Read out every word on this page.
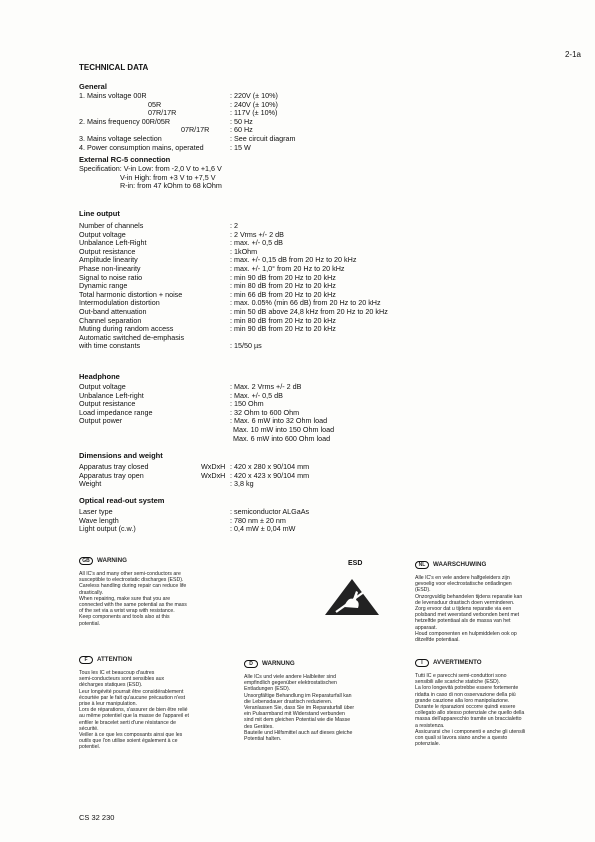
2-1a
TECHNICAL DATA
General
1. Mains voltage 00R	: 220V (± 10%)
05R	: 240V (± 10%)
07R/17R	: 117V (± 10%)
2. Mains frequency 00R/05R	: 50 Hz
07R/17R	: 60 Hz
3. Mains voltage selection	: See circuit diagram
4. Power consumption mains, operated	: 15 W
External RC-5 connection
Specification: V-in Low: from -2,0 V to +1,6 V
V-in High: from +3 V to +7,5 V
R-in: from 47 kOhm to 68 kOhm
Line output
Number of channels	: 2
Output voltage	: 2 Vrms +/- 2 dB
Unbalance Left-Right	: max. +/- 0,5 dB
Output resistance	: 1kOhm
Amplitude linearity	: max. +/- 0,15 dB from 20 Hz to 20 kHz
Phase non-linearity	: max. +/- 1,0° from 20 Hz to 20 kHz
Signal to noise ratio	: min 90 dB from 20 Hz to 20 kHz
Dynamic range	: min 80 dB from 20 Hz to 20 kHz
Total harmonic distortion + noise	: min 66 dB from 20 Hz to 20 kHz
Intermodulation distortion	: max. 0.05% (min 66 dB) from 20 Hz to 20 kHz
Out-band attenuation	: min 50 dB above 24,8 kHz from 20 Hz to 20 kHz
Channel separation	: min 80 dB from 20 Hz to 20 kHz
Muting during random access	: min 90 dB from 20 Hz to 20 kHz
Automatic switched de-emphasis
with time constants	: 15/50 µs
Headphone
Output voltage	: Max. 2 Vrms +/- 2 dB
Unbalance Left-right	: Max. +/- 0,5 dB
Output resistance	: 150 Ohm
Load impedance range	: 32 Ohm to 600 Ohm
Output power	: Max. 6 mW into 32 Ohm load
Max. 10 mW into 150 Ohm load
Max. 6 mW into 600 Ohm load
Dimensions and weight
Apparatus tray closed	WxDxH : 420 x 280 x 90/104 mm
Apparatus tray open	WxDxH : 420 x 423 x 90/104 mm
Weight	: 3,8 kg
Optical read-out system
Laser type	: semiconductor ALGaAs
Wave length	: 780 nm ± 20 nm
Light output (c.w.)	: 0,4 mW ± 0,04 mW
GB	WARNING

All IC's and many other semi-conductors are

susceptible to electrostatic discharges (ESD).

Careless handling during repair can reduce life

drastically.

When repairing, make sure that you are

connected with the same potential as the mass

of the set via a wrist wrap with resistance.

Keep components and tools also at this

potential.

ESD	NL	WAARSCHUWING

Alle IC's en vele andere halfgeleiders zijn

gevoelig voor electrostatische ontladingen

(ESD).

Onzorgvuldig behandelen tijdens reparatie kan

de levensduur drastisch doen verminderen.

Zorg ervoor dat u tijdens reparatie via een

polsband met weerstand verbonden bent met

hetzelfde potentiaal als de massa van het

apparaat.

Houd componenten en hulpmiddelen ook op

ditzelfde potentiaal.

F	ATTENTION

Tous les IC et beaucoup d'autres

semi-conducteurs sont sensibles aux

décharges statiques (ESD).

Leur longévité pourrait être considérablement

écourtée par le fait qu'aucune précaution n'est

prise à leur manipulation.

Lors de réparations, s'assurer de bien être relié

au même potentiel que la masse de l'appareil et

enfiler le bracelet serti d'une résistance de

sécurité.

Veiller à ce que les composants ainsi que les

outils que l'on utilise soient également à ce

potentiel.

D	WARNUNG

Alle ICs und viele andere Halbleiter sind

empfindlich gegenüber elektrostatischen

Entladungen (ESD).

Unsorgfältige Behandlung im Reparaturfall kan

die Lebensdauer drastisch reduzieren.

Veranlassen Sie, dass Sie im Reparaturfall über

ein Pulsarmband mit Widerstand verbunden

sind mit dem gleichen Potential wie die Masse

des Gerätes.

Bauteile und Hilfsmittel auch auf dieses gleiche

Potential halten.

I	AVVERTIMENTO

Tutti IC e parecchi semi-conduttori sono

sensibili alle scariche statiche (ESD).

La loro longevità potrebbe essere fortemente

ridatta in caso di non osservazione della più

grande cauzione alla loro manipolazione.

Durante le riparazioni occorre quindi essere

collegato allo stesso potenziale che quello della

massa dell'apparecchio tramite un braccialetto

a resistenza.

Assicurarsi che i componenti e anche gli utensili

con quali si lavora siano anche a questo

potenziale.

CS 32 230
